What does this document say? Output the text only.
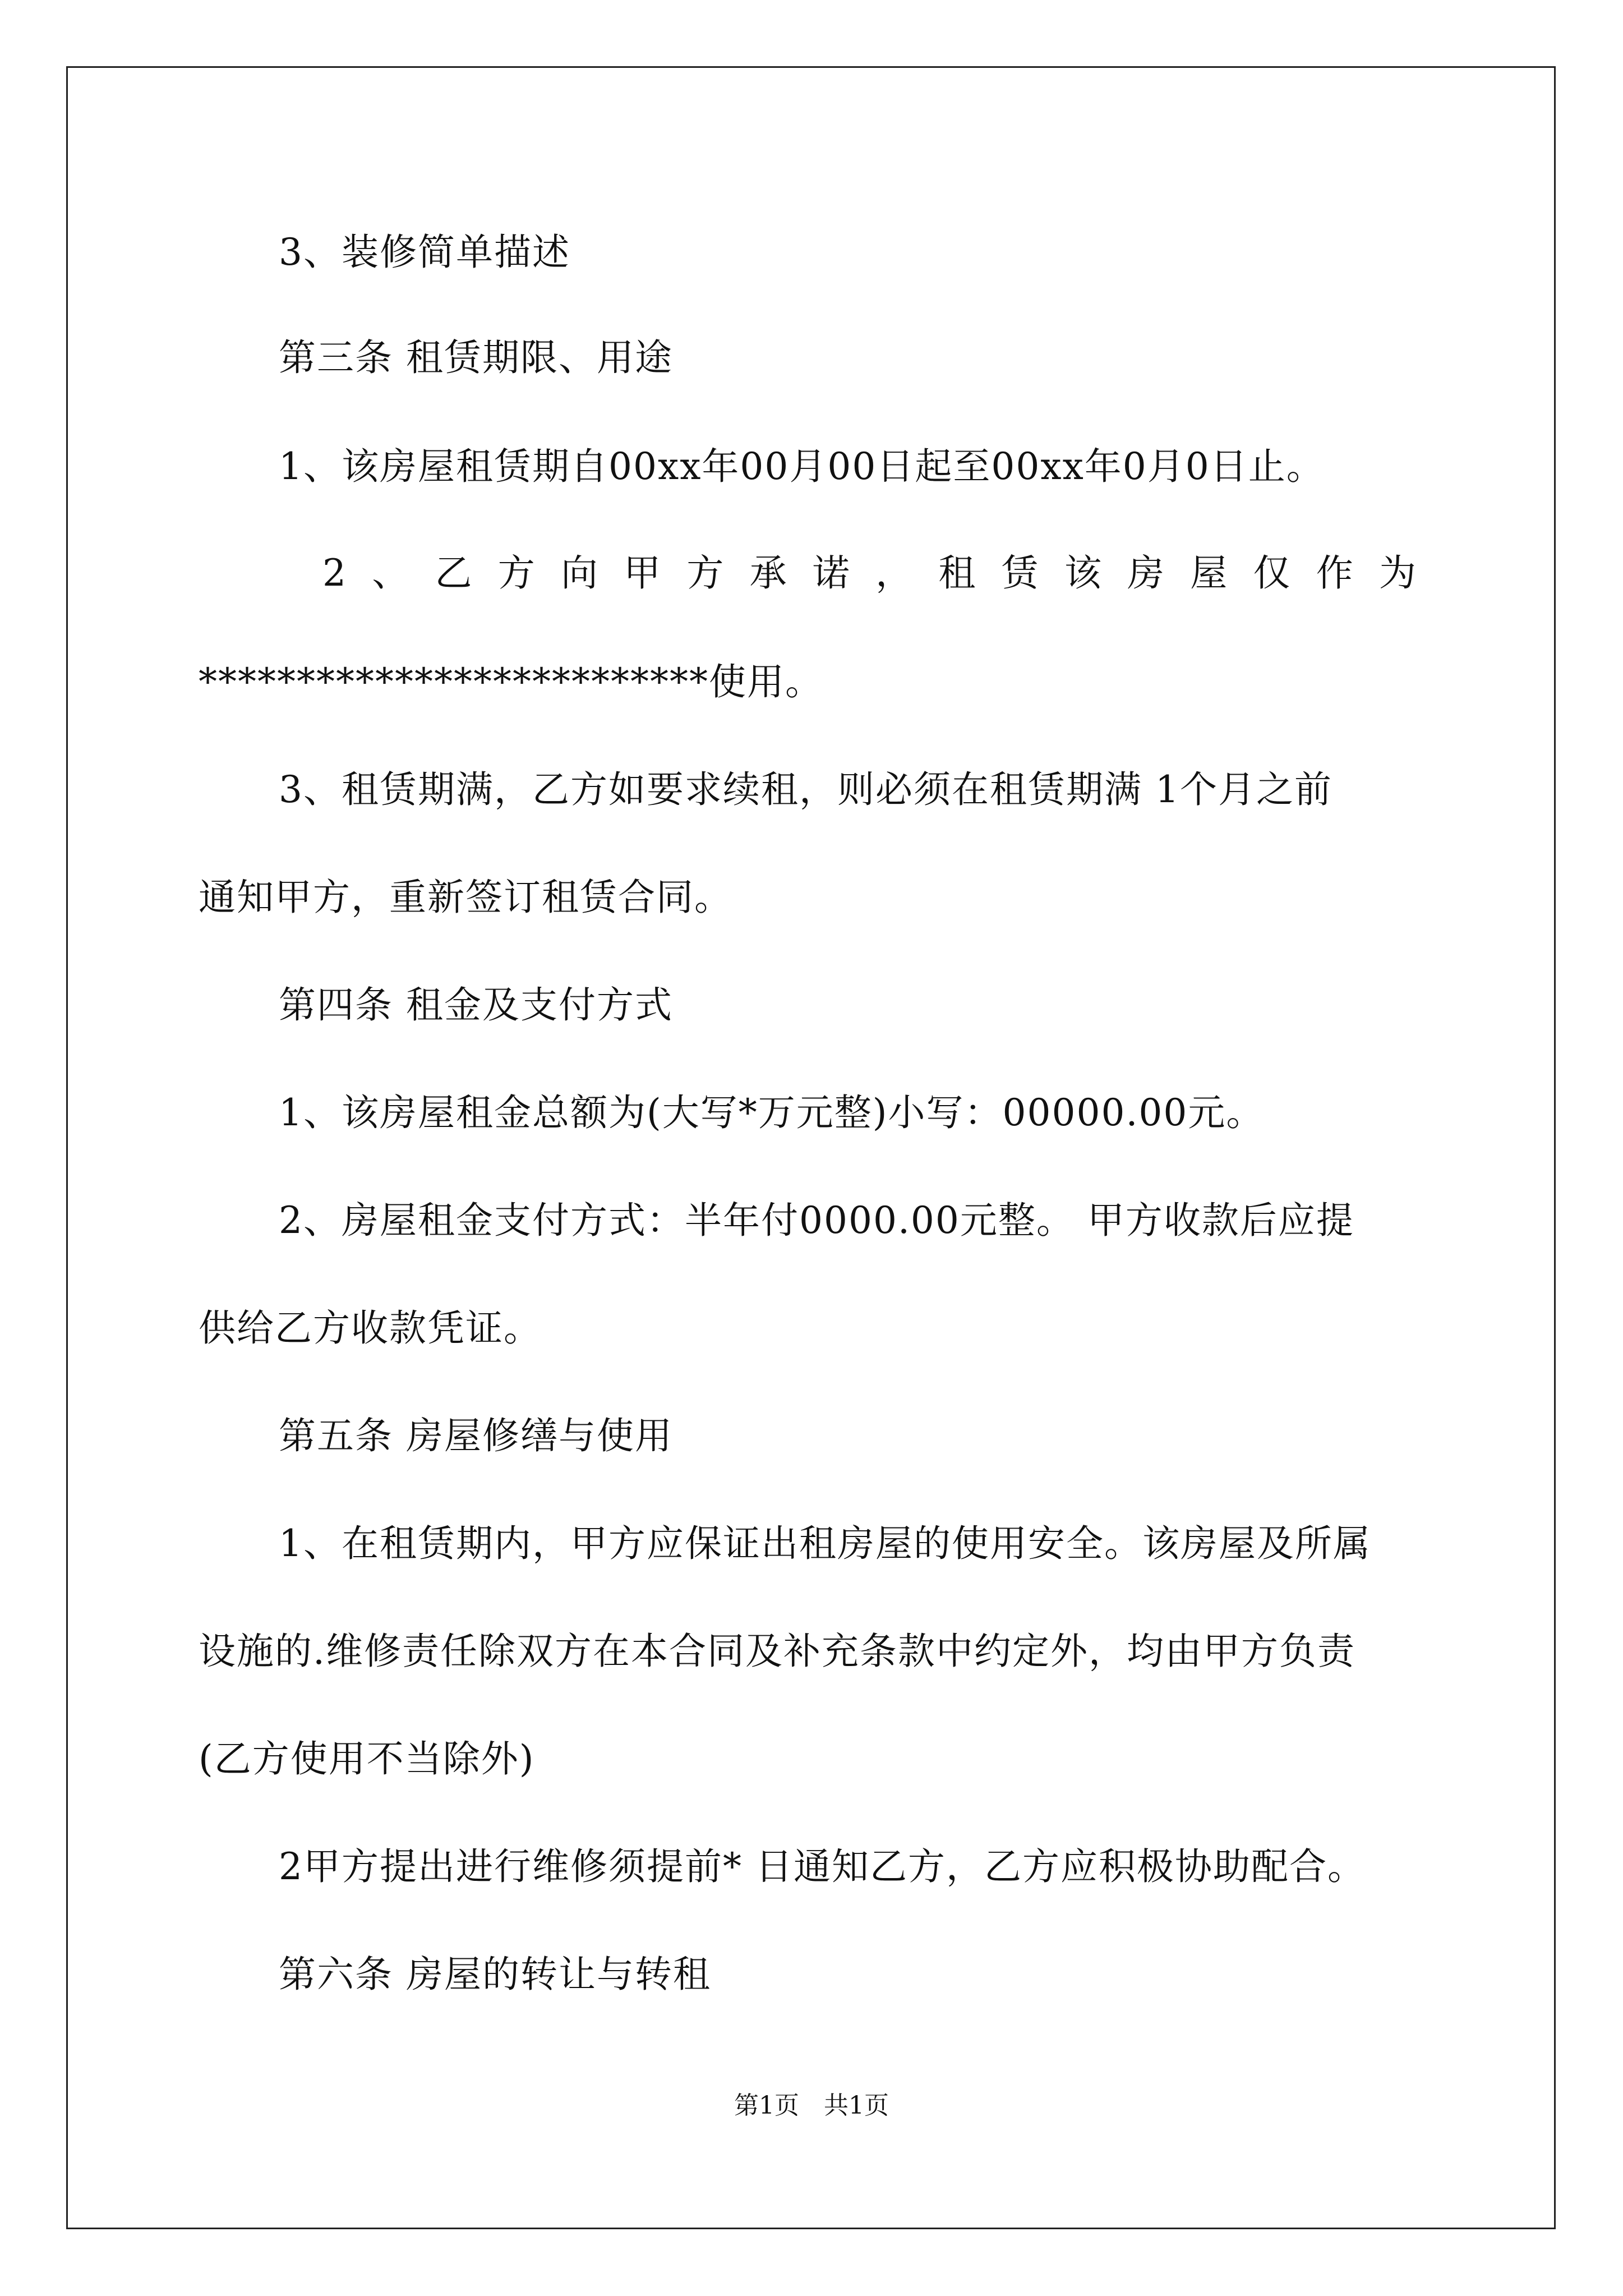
3、装修简单描述
第三条 租赁期限、用途
1、该房屋租赁期自00xx年00月00日起至00xx年0月0日止。
2 、 乙 方 向 甲 方 承 诺 ， 租 赁 该 房 屋 仅 作 为
**************************使用。
3、租赁期满，乙方如要求续租，则必须在租赁期满 1个月之前
通知甲方，重新签订租赁合同。
第四条 租金及支付方式
1、该房屋租金总额为(大写*万元整)小写：00000.00元。
2、房屋租金支付方式：半年付0000.00元整。 甲方收款后应提
供给乙方收款凭证。
第五条 房屋修缮与使用
1、在租赁期内，甲方应保证出租房屋的使用安全。该房屋及所属
设施的.维修责任除双方在本合同及补充条款中约定外，均由甲方负责
(乙方使用不当除外)
2甲方提出进行维修须提前* 日通知乙方，乙方应积极协助配合。
第六条 房屋的转让与转租
第1页　共1页
